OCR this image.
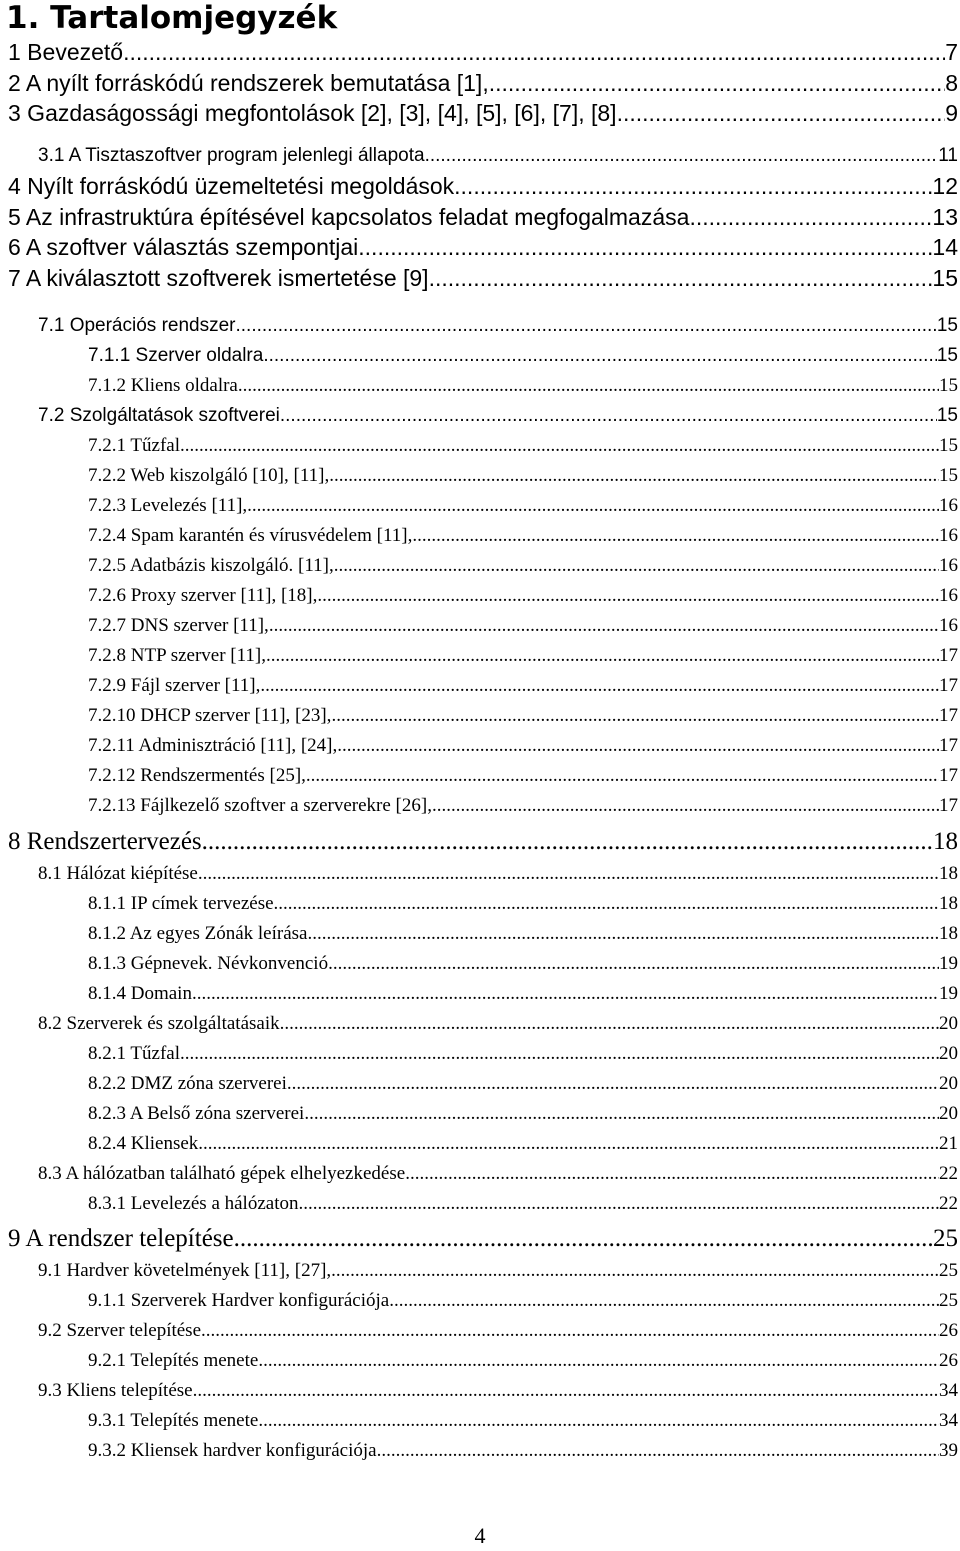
1. Tartalomjegyzék
1 Bevezető .....	7
2 A nyílt forráskódú rendszerek bemutatása [1], .....	8
3 Gazdaságossági megfontolások [2], [3], [4], [5], [6], [7], [8] .....	9
3.1 A Tisztaszoftver program jelenlegi állapota .....	11
4 Nyílt forráskódú üzemeltetési megoldások .....	12
5 Az infrastruktúra építésével kapcsolatos feladat megfogalmazása .....	13
6 A szoftver választás szempontjai .....	14
7 A kiválasztott szoftverek ismertetése [9] .....	15
7.1 Operációs rendszer .....	15
7.1.1 Szerver oldalra .....	15
7.1.2 Kliens oldalra .....	15
7.2 Szolgáltatások szoftverei .....	15
7.2.1 Tűzfal .....	15
7.2.2 Web kiszolgáló [10], [11], .....	15
7.2.3 Levelezés [11], .....	16
7.2.4 Spam karantén és vírusvédelem [11], .....	16
7.2.5 Adatbázis kiszolgáló. [11], .....	16
7.2.6 Proxy szerver [11], [18], .....	16
7.2.7 DNS szerver [11], .....	16
7.2.8 NTP szerver [11], .....	17
7.2.9 Fájl szerver [11], .....	17
7.2.10 DHCP szerver [11], [23], .....	17
7.2.11 Adminisztráció [11], [24], .....	17
7.2.12 Rendszermentés [25], .....	17
7.2.13 Fájlkezelő szoftver a szerverekre [26], .....	17
8 Rendszertervezés .....	18
8.1 Hálózat kiépítése .....	18
8.1.1 IP címek tervezése .....	18
8.1.2 Az egyes Zónák leírása .....	18
8.1.3 Gépnevek. Névkonvenció .....	19
8.1.4 Domain .....	19
8.2 Szerverek és szolgáltatásaik .....	20
8.2.1 Tűzfal .....	20
8.2.2 DMZ zóna szerverei .....	20
8.2.3 A Belső zóna szerverei .....	20
8.2.4 Kliensek .....	21
8.3 A hálózatban található gépek elhelyezkedése .....	22
8.3.1 Levelezés a hálózaton .....	22
9 A rendszer telepítése .....	25
9.1 Hardver követelmények [11], [27], .....	25
9.1.1 Szerverek Hardver konfigurációja .....	25
9.2 Szerver telepítése .....	26
9.2.1 Telepítés menete .....	26
9.3 Kliens telepítése .....	34
9.3.1 Telepítés menete .....	34
9.3.2 Kliensek hardver konfigurációja .....	39
4
